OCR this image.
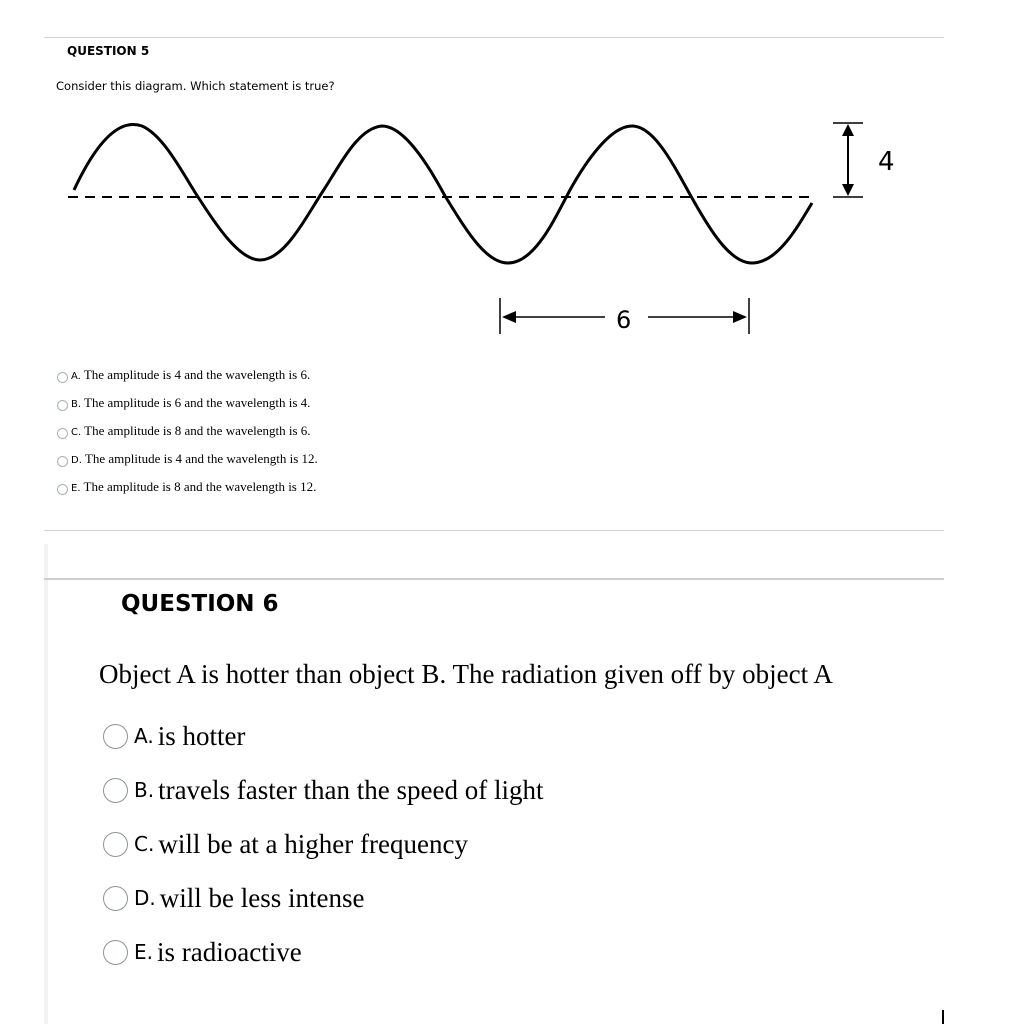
QUESTION 5
Consider this diagram. Which statement is true?
4
6
A. The amplitude is 4 and the wavelength is 6.
B. The amplitude is 6 and the wavelength is 4.
C. The amplitude is 8 and the wavelength is 6.
D. The amplitude is 4 and the wavelength is 12.
E. The amplitude is 8 and the wavelength is 12.
QUESTION 6
Object A is hotter than object B. The radiation given off by object A
A. is hotter
B. travels faster than the speed of light
C. will be at a higher frequency
D. will be less intense
E. is radioactive
